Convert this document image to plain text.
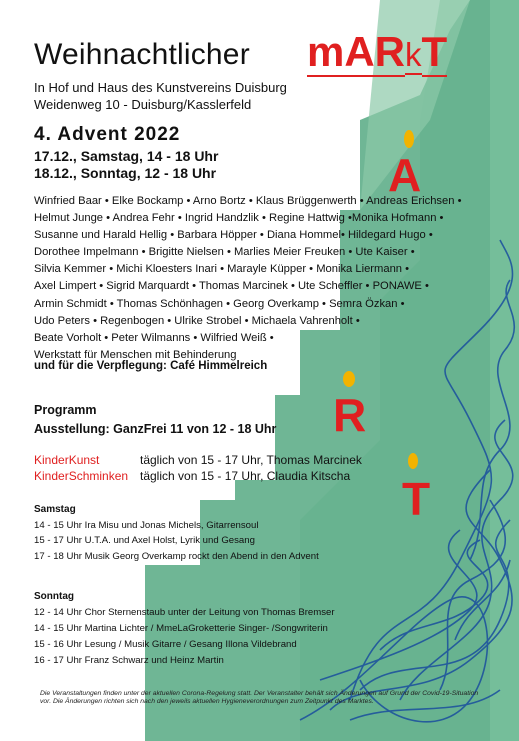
Weihnachtlicher mARkT
In Hof und Haus des Kunstvereins Duisburg
Weidenweg 10 - Duisburg/Kasslerfeld
4. Advent 2022
17.12., Samstag, 14 - 18 Uhr
18.12., Sonntag, 12 - 18 Uhr
Winfried Baar • Elke Bockamp • Arno Bortz • Klaus Brüggenwerth • Andreas Erichsen •
Helmut Junge • Andrea Fehr • Ingrid Handzlik • Regine Hattwig •Monika Hofmann •
Susanne und Harald Hellig • Barbara Höpper • Diana Hommel• Hildegard Hugo •
Dorothee Impelmann • Brigitte Nielsen • Marlies Meier Freuken • Ute Kaiser •
Silvia Kemmer • Michi Kloesters Inari • Marayle Küpper • Monika Liermann •
Axel Limpert • Sigrid Marquardt • Thomas Marcinek • Ute Scheffler • PONAWE •
Armin Schmidt • Thomas Schönhagen • Georg Overkamp • Semra Özkan •
Udo Peters • Regenbogen • Ulrike Strobel • Michaela Vahrenholt •
Beate Vorholt • Peter Wilmanns • Wilfried Weiß •
Werkstatt für Menschen mit Behinderung
und für die Verpflegung: Café Himmelreich
Programm
Ausstellung: GanzFrei 11 von 12 - 18 Uhr
KinderKunst	täglich von 15 - 17 Uhr, Thomas Marcinek
KinderSchminken täglich von 15 - 17 Uhr, Claudia Kitscha
Samstag
14 - 15 Uhr Ira Misu und Jonas Michels, Gitarrensoul
15 - 17 Uhr U.T.A. und Axel Holst, Lyrik und Gesang
17 - 18 Uhr Musik Georg Overkamp rockt den Abend in den Advent
Sonntag
12 - 14 Uhr Chor Sternenstaub unter der Leitung von Thomas Bremser
14 - 15 Uhr Martina Lichter / MmeLaGroketterie Singer- /Songwriterin
15 - 16 Uhr Lesung / Musik Gitarre / Gesang Illona Vildebrand
16 - 17 Uhr Franz Schwarz und Heinz Martin
Die Veranstaltungen finden unter der aktuellen Corona-Regelung statt. Der Veranstalter behält sich Änderungen auf Grund der Covid-19-Situation vor. Die Änderungen richten sich nach den jeweils aktuellen Hygieneverordnungen zum Zeitpunkt des Marktes.
A
R
T
